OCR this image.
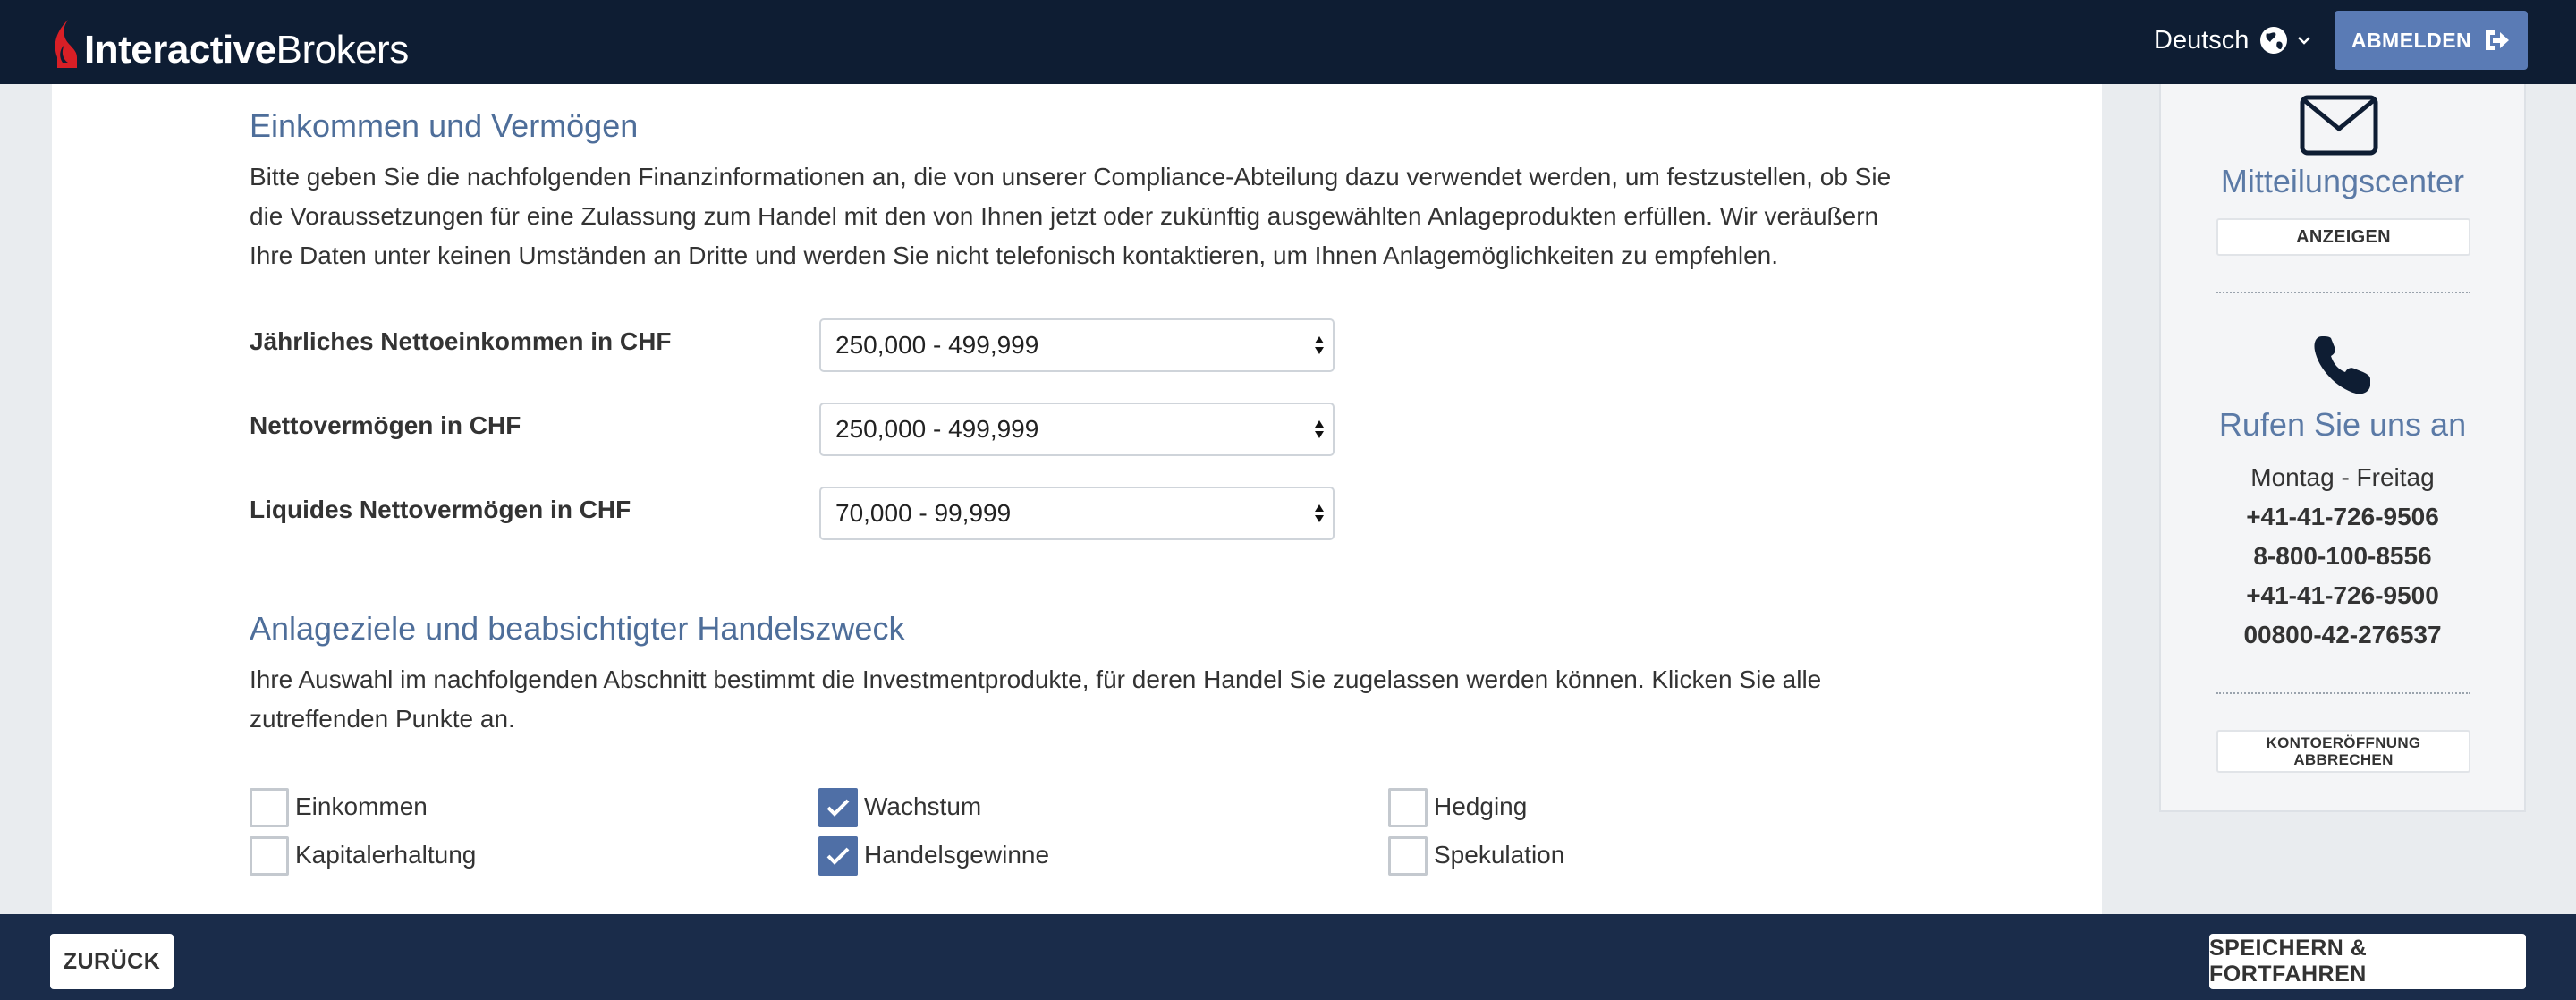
InteractiveBrokers	Deutsch	ABMELDEN
Einkommen und Vermögen
Bitte geben Sie die nachfolgenden Finanzinformationen an, die von unserer Compliance-Abteilung dazu verwendet werden, um festzustellen, ob Sie
die Voraussetzungen für eine Zulassung zum Handel mit den von Ihnen jetzt oder zukünftig ausgewählten Anlageprodukten erfüllen. Wir veräußern
Ihre Daten unter keinen Umständen an Dritte und werden Sie nicht telefonisch kontaktieren, um Ihnen Anlagemöglichkeiten zu empfehlen.
Jährliches Nettoeinkommen in CHF	250,000 - 499,999
Nettovermögen in CHF	250,000 - 499,999
Liquides Nettovermögen in CHF	70,000 - 99,999
Anlageziele und beabsichtigter Handelszweck
Ihre Auswahl im nachfolgenden Abschnitt bestimmt die Investmentprodukte, für deren Handel Sie zugelassen werden können. Klicken Sie alle
zutreffenden Punkte an.
Einkommen	Wachstum	Hedging
Kapitalerhaltung	Handelsgewinne	Spekulation
Mitteilungscenter
ANZEIGEN
Rufen Sie uns an
Montag - Freitag
+41-41-726-9506
8-800-100-8556
+41-41-726-9500
00800-42-276537
KONTOERÖFFNUNG
ABBRECHEN
ZURÜCK
SPEICHERN & FORTFAHREN
